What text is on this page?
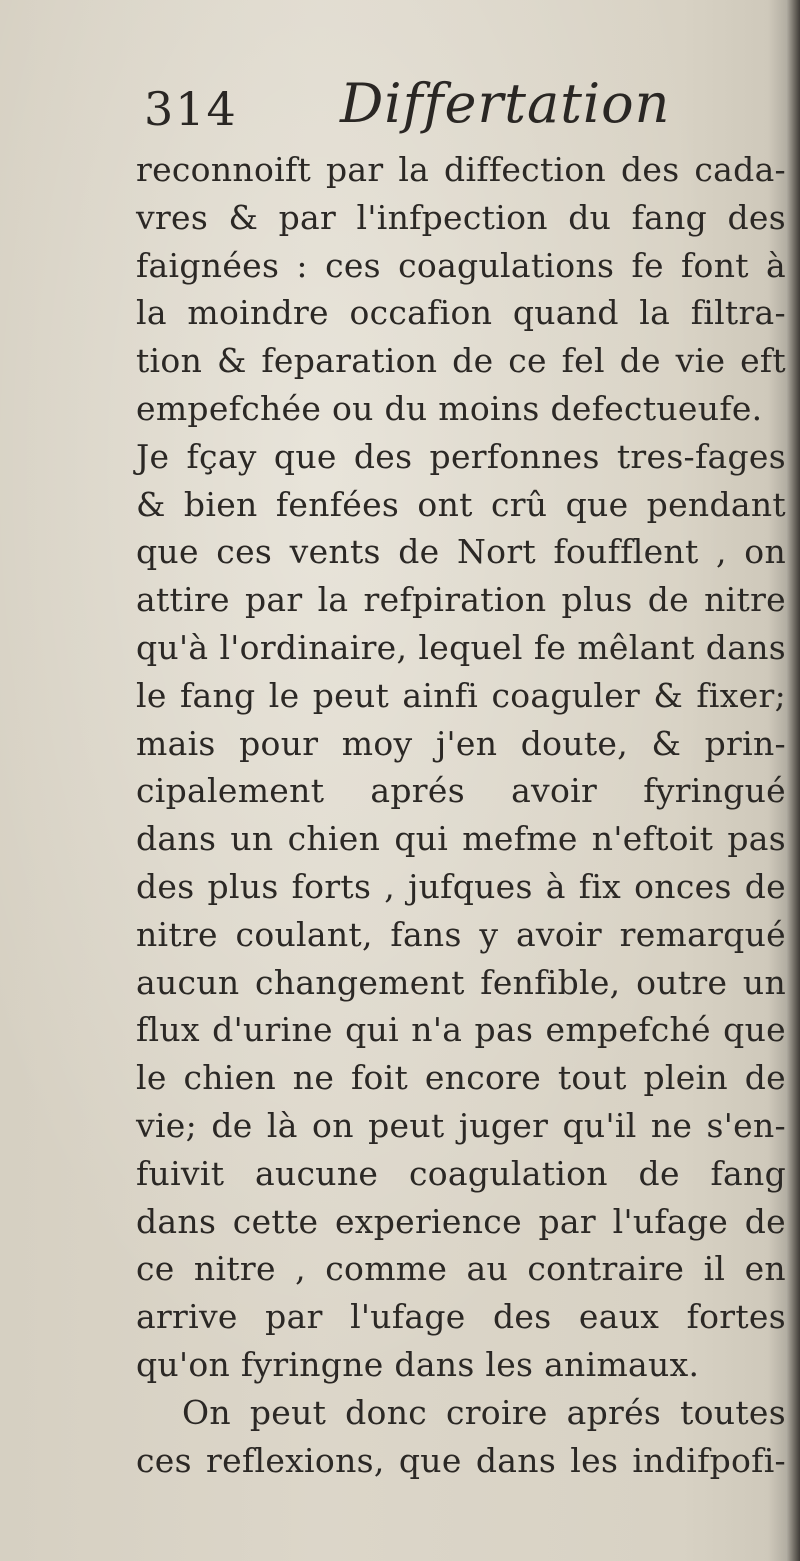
314 Differtation
reconnoift par la diffection des cada-
vres & par l'infpection du fang des
faignées : ces coagulations fe font à
la moindre occafion quand la filtra-
tion & feparation de ce fel de vie eft
empefchée ou du moins defectueufe.
Je fçay que des perfonnes tres-fages
& bien fenfées ont crû que pendant
que ces vents de Nort foufflent , on
attire par la refpiration plus de nitre
qu'à l'ordinaire, lequel fe mêlant dans
le fang le peut ainfi coaguler & fixer;
mais pour moy j'en doute, & prin-
cipalement aprés avoir fyringué
dans un chien qui mefme n'eftoit pas
des plus forts , jufques à fix onces de
nitre coulant, fans y avoir remarqué
aucun changement fenfible, outre un
flux d'urine qui n'a pas empefché que
le chien ne foit encore tout plein de
vie; de là on peut juger qu'il ne s'en-
fuivit aucune coagulation de fang
dans cette experience par l'ufage de
ce nitre , comme au contraire il en
arrive par l'ufage des eaux fortes
qu'on fyringne dans les animaux.
On peut donc croire aprés toutes
ces reflexions, que dans les indifpofi-
